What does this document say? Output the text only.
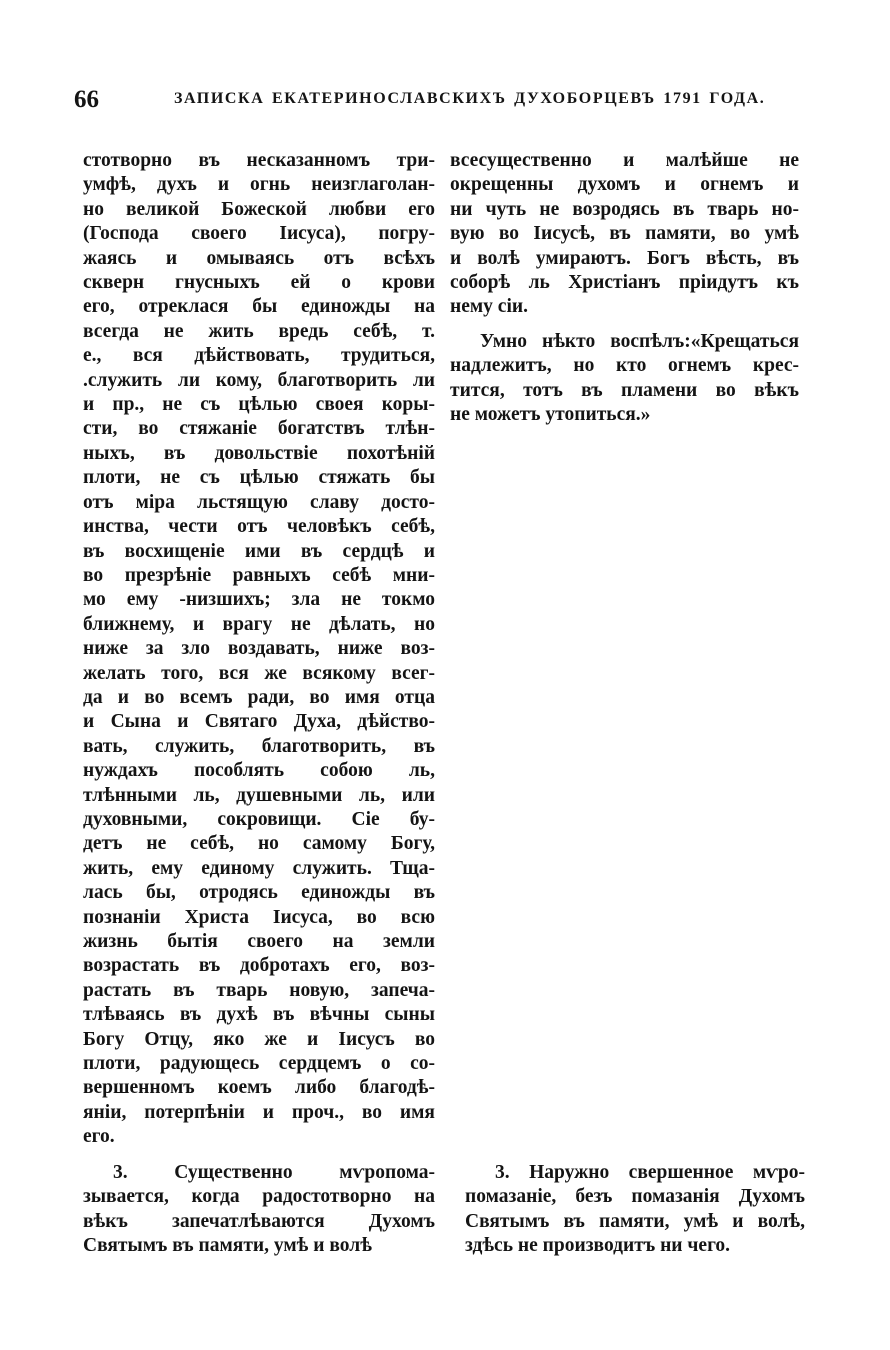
66	ЗАПИСКА ЕКАТЕРИНОСЛАВСКИХЪ ДУХОБОРЦЕВЪ 1791 ГОДА.
стотворно въ несказанномъ три-
умфѣ, духъ и огнь неизглаголан-
но великой Божеской любви его
(Господа своего Iисуса), погру-
жаясь и омываясь отъ всѣхъ
скверн гнусныхъ ей о крови
его, отреклася бы единожды на
всегда не жить вредь себѣ, т.
е., вся дѣйствовать, трудиться,
.служить ли кому, благотворить ли
и пр., не съ цѣлью своея коры-
сти, во стяжаніе богатствъ тлѣн-
ныхъ, въ довольствіе похотѣній
плоти, не съ цѣлью стяжать бы
отъ міра льстящую славу досто-
инства, чести отъ человѣкъ себѣ,
въ восхищеніе ими въ сердцѣ и
во презрѣніе равныхъ себѣ мни-
мо ему -низшихъ; зла не токмо
ближнему, и врагу не дѣлать, но
ниже за зло воздавать, ниже воз-
желать того, вся же всякому всег-
да и во всемъ ради, во имя отца
и Сына и Святаго Духа, дѣйство-
вать, служить, благотворить, въ
нуждахъ пособлять собою ль,
тлѣнными ль, душевными ль, или
духовными, сокровищи. Сіе бу-
детъ не себѣ, но самому Богу,
жить, ему единому служить. Тща-
лась бы, отродясь единожды въ
познаніи Христа Iисуса, во всю
жизнь бытія своего на земли
возрастать въ добротахъ его, воз-
растать въ тварь новую, запеча-
тлѣваясь въ духѣ въ вѣчны сыны
Богу Отцу, яко же и Iисусъ во
плоти, радующесь сердцемъ о со-
вершенномъ коемъ либо благодѣ-
яніи, потерпѣніи и проч., во имя
его.
всесущественно и малѣйше не
окрещенны духомъ и огнемъ и
ни чуть не возродясь въ тварь но-
вую во Iисусѣ, въ памяти, во умѣ
и волѣ умираютъ. Богъ вѣсть, въ
соборѣ ль Христіанъ пріидутъ къ
нему сіи.
Умно нѣкто воспѣлъ:«Крещаться
надлежитъ, но кто огнемъ крес-
тится, тотъ въ пламени во вѣкъ
не можетъ утопиться.»
3. Существенно мѵропома-
зывается, когда радостотворно на
вѣкъ запечатлѣваются Духомъ
Святымъ въ памяти, умѣ и волѣ
3. Наружно свершенное мѵро-
помазаніе, безъ помазанія Духомъ
Святымъ въ памяти, умѣ и волѣ,
здѣсь не производитъ ни чего.
